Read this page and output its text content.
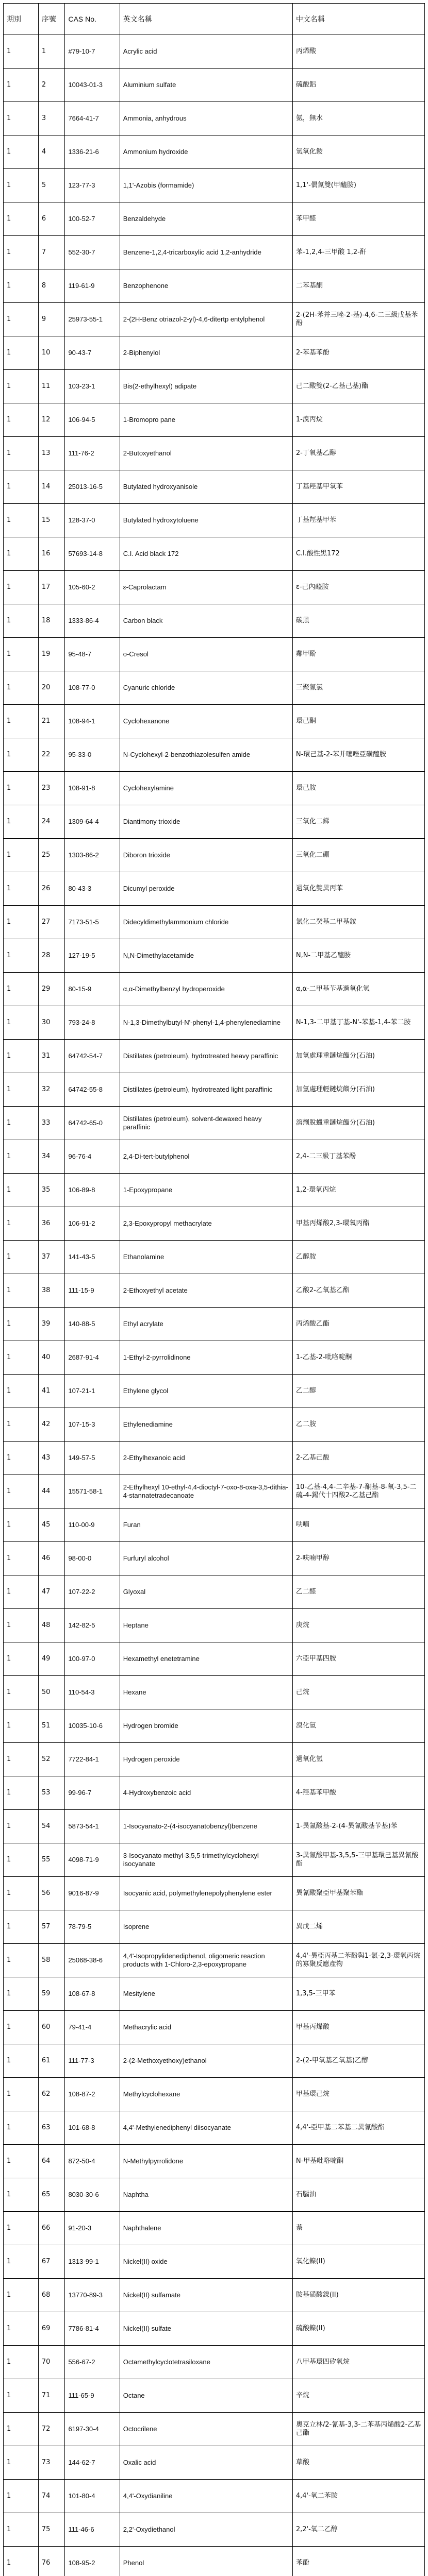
期別	序號	CAS No.	英文名稱	中文名稱
1	1	#79-10-7	Acrylic acid	丙烯酸
1	2	10043-01-3	Aluminium sulfate	硫酸鋁
1	3	7664-41-7	Ammonia, anhydrous	氨，無水
1	4	1336-21-6	Ammonium hydroxide	氫氧化銨
1	5	123-77-3	1,1'-Azobis (formamide)	1,1'-偶氮雙(甲醯胺)
1	6	100-52-7	Benzaldehyde	苯甲醛
1	7	552-30-7	Benzene-1,2,4-tricarboxylic acid 1,2-anhydride	苯-1,2,4-三甲酸 1,2-酐
1	8	119-61-9	Benzophenone	二苯基酮
1	9	25973-55-1	2-(2H-Benz otriazol-2-yl)-4,6-ditertp entylphenol	2-(2H-苯并三唑-2-基)-4,6-二三級戊基苯酚
1	10	90-43-7	2-Biphenylol	2-苯基苯酚
1	11	103-23-1	Bis(2-ethylhexyl) adipate	己二酸雙(2-乙基己基)酯
1	12	106-94-5	1-Bromopro pane	1-溴丙烷
1	13	111-76-2	2-Butoxyethanol	2-丁氧基乙醇
1	14	25013-16-5	Butylated hydroxyanisole	丁基羥基甲氧苯
1	15	128-37-0	Butylated hydroxytoluene	丁基羥基甲苯
1	16	57693-14-8	C.I. Acid black 172	C.I.酸性黑172
1	17	105-60-2	ε-Caprolactam	ε-己內醯胺
1	18	1333-86-4	Carbon black	碳黑
1	19	95-48-7	o-Cresol	鄰甲酚
1	20	108-77-0	Cyanuric chloride	三聚氰氯
1	21	108-94-1	Cyclohexanone	環己酮
1	22	95-33-0	N-Cyclohexyl-2-benzothiazolesulfen amide	N-環己基-2-苯并噻唑亞磺醯胺
1	23	108-91-8	Cyclohexylamine	環己胺
1	24	1309-64-4	Diantimony trioxide	三氧化二銻
1	25	1303-86-2	Diboron trioxide	三氧化二硼
1	26	80-43-3	Dicumyl peroxide	過氧化雙異丙苯
1	27	7173-51-5	Didecyldimethylammonium chloride	氯化二癸基二甲基銨
1	28	127-19-5	N,N-Dimethylacetamide	N,N-二甲基乙醯胺
1	29	80-15-9	α,α-Dimethylbenzyl hydroperoxide	α,α-二甲基苄基過氧化氫
1	30	793-24-8	N-1,3-Dimethylbutyl-N'-phenyl-1,4-phenylenediamine	N-1,3-二甲基丁基-N'-苯基-1,4-苯二胺
1	31	64742-54-7	Distillates (petroleum), hydrotreated heavy paraffinic	加氫處理重鏈烷餾分(石油)
1	32	64742-55-8	Distillates (petroleum), hydrotreated light paraffinic	加氫處理輕鏈烷餾分(石油)
1	33	64742-65-0	Distillates (petroleum), solvent-dewaxed heavy paraffinic	溶劑脫蠟重鏈烷餾分(石油)
1	34	96-76-4	2,4-Di-tert-butylphenol	2,4-二三級丁基苯酚
1	35	106-89-8	1-Epoxypropane	1,2-環氧丙烷
1	36	106-91-2	2,3-Epoxypropyl methacrylate	甲基丙烯酸2,3-環氧丙酯
1	37	141-43-5	Ethanolamine	乙醇胺
1	38	111-15-9	2-Ethoxyethyl acetate	乙酸2-乙氧基乙酯
1	39	140-88-5	Ethyl acrylate	丙烯酸乙酯
1	40	2687-91-4	1-Ethyl-2-pyrrolidinone	1-乙基-2-吡咯啶酮
1	41	107-21-1	Ethylene glycol	乙二醇
1	42	107-15-3	Ethylenediamine	乙二胺
1	43	149-57-5	2-Ethylhexanoic acid	2-乙基己酸
1	44	15571-58-1	2-Ethylhexyl 10-ethyl-4,4-dioctyl-7-oxo-8-oxa-3,5-dithia-4-stannatetradecanoate	10-乙基-4,4-二辛基-7-酮基-8-氧-3,5-二硫-4-錫代十四酸2-乙基己酯
1	45	110-00-9	Furan	呋喃
1	46	98-00-0	Furfuryl alcohol	2-呋喃甲醇
1	47	107-22-2	Glyoxal	乙二醛
1	48	142-82-5	Heptane	庚烷
1	49	100-97-0	Hexamethyl enetetramine	六亞甲基四胺
1	50	110-54-3	Hexane	己烷
1	51	10035-10-6	Hydrogen bromide	溴化氫
1	52	7722-84-1	Hydrogen peroxide	過氧化氫
1	53	99-96-7	4-Hydroxybenzoic acid	4-羥基苯甲酸
1	54	5873-54-1	1-Isocyanato-2-(4-isocyanatobenzyl)benzene	1-異氰酸基-2-(4-異氰酸基苄基)苯
1	55	4098-71-9	3-Isocyanato methyl-3,5,5-trimethylcyclohexyl isocyanate	3-異氰酸甲基-3,5,5-三甲基環己基異氰酸酯
1	56	9016-87-9	Isocyanic acid, polymethylenepolyphenylene ester	異氰酸聚亞甲基聚苯酯
1	57	78-79-5	Isoprene	異戊二烯
1	58	25068-38-6	4,4'-Isopropylidenediphenol, oligomeric reaction products with 1-Chloro-2,3-epoxypropane	4,4'-異亞丙基二苯酚與1-氯-2,3-環氧丙烷的寡聚反應產物
1	59	108-67-8	Mesitylene	1,3,5-三甲苯
1	60	79-41-4	Methacrylic acid	甲基丙烯酸
1	61	111-77-3	2-(2-Methoxyethoxy)ethanol	2-(2-甲氧基乙氧基)乙醇
1	62	108-87-2	Methylcyclohexane	甲基環己烷
1	63	101-68-8	4,4'-Methylenediphenyl diisocyanate	4,4'-亞甲基二苯基二異氰酸酯
1	64	872-50-4	N-Methylpyrrolidone	N-甲基吡咯啶酮
1	65	8030-30-6	Naphtha	石腦油
1	66	91-20-3	Naphthalene	萘
1	67	1313-99-1	Nickel(II) oxide	氧化鎳(II)
1	68	13770-89-3	Nickel(II) sulfamate	胺基磺酸鎳(II)
1	69	7786-81-4	Nickel(II) sulfate	硫酸鎳(II)
1	70	556-67-2	Octamethylcyclotetrasiloxane	八甲基環四矽氧烷
1	71	111-65-9	Octane	辛烷
1	72	6197-30-4	Octocrilene	奧克立林/2-氰基-3,3-二苯基丙烯酸2-乙基己酯
1	73	144-62-7	Oxalic acid	草酸
1	74	101-80-4	4,4'-Oxydianiline	4,4'-氧二苯胺
1	75	111-46-6	2,2'-Oxydiethanol	2,2'-氧二乙醇
1	76	108-95-2	Phenol	苯酚
